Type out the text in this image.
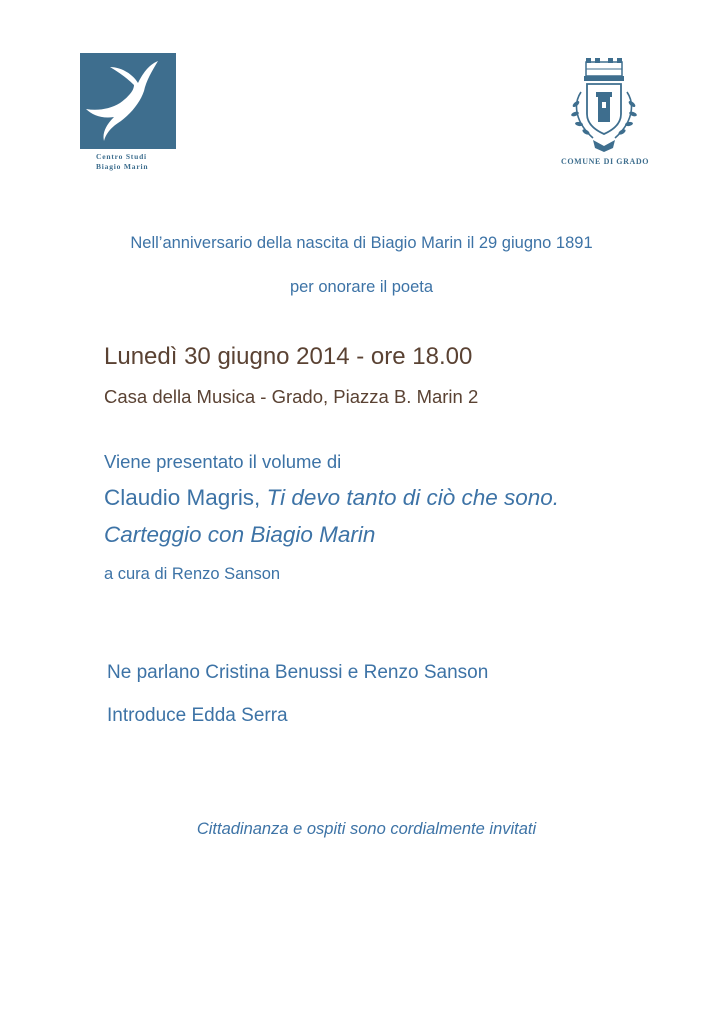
Centro Studi
Biagio Marin
COMUNE DI GRADO
Nell’anniversario della nascita di Biagio Marin il 29 giugno 1891
per onorare il poeta
Lunedì 30 giugno 2014 - ore 18.00
Casa della Musica - Grado, Piazza B. Marin 2
Viene presentato il volume di
Claudio Magris, Ti devo tanto di ciò che sono.
Carteggio con Biagio Marin
a cura di Renzo Sanson
Ne parlano Cristina Benussi e Renzo Sanson
Introduce Edda Serra
Cittadinanza e ospiti sono cordialmente invitati
